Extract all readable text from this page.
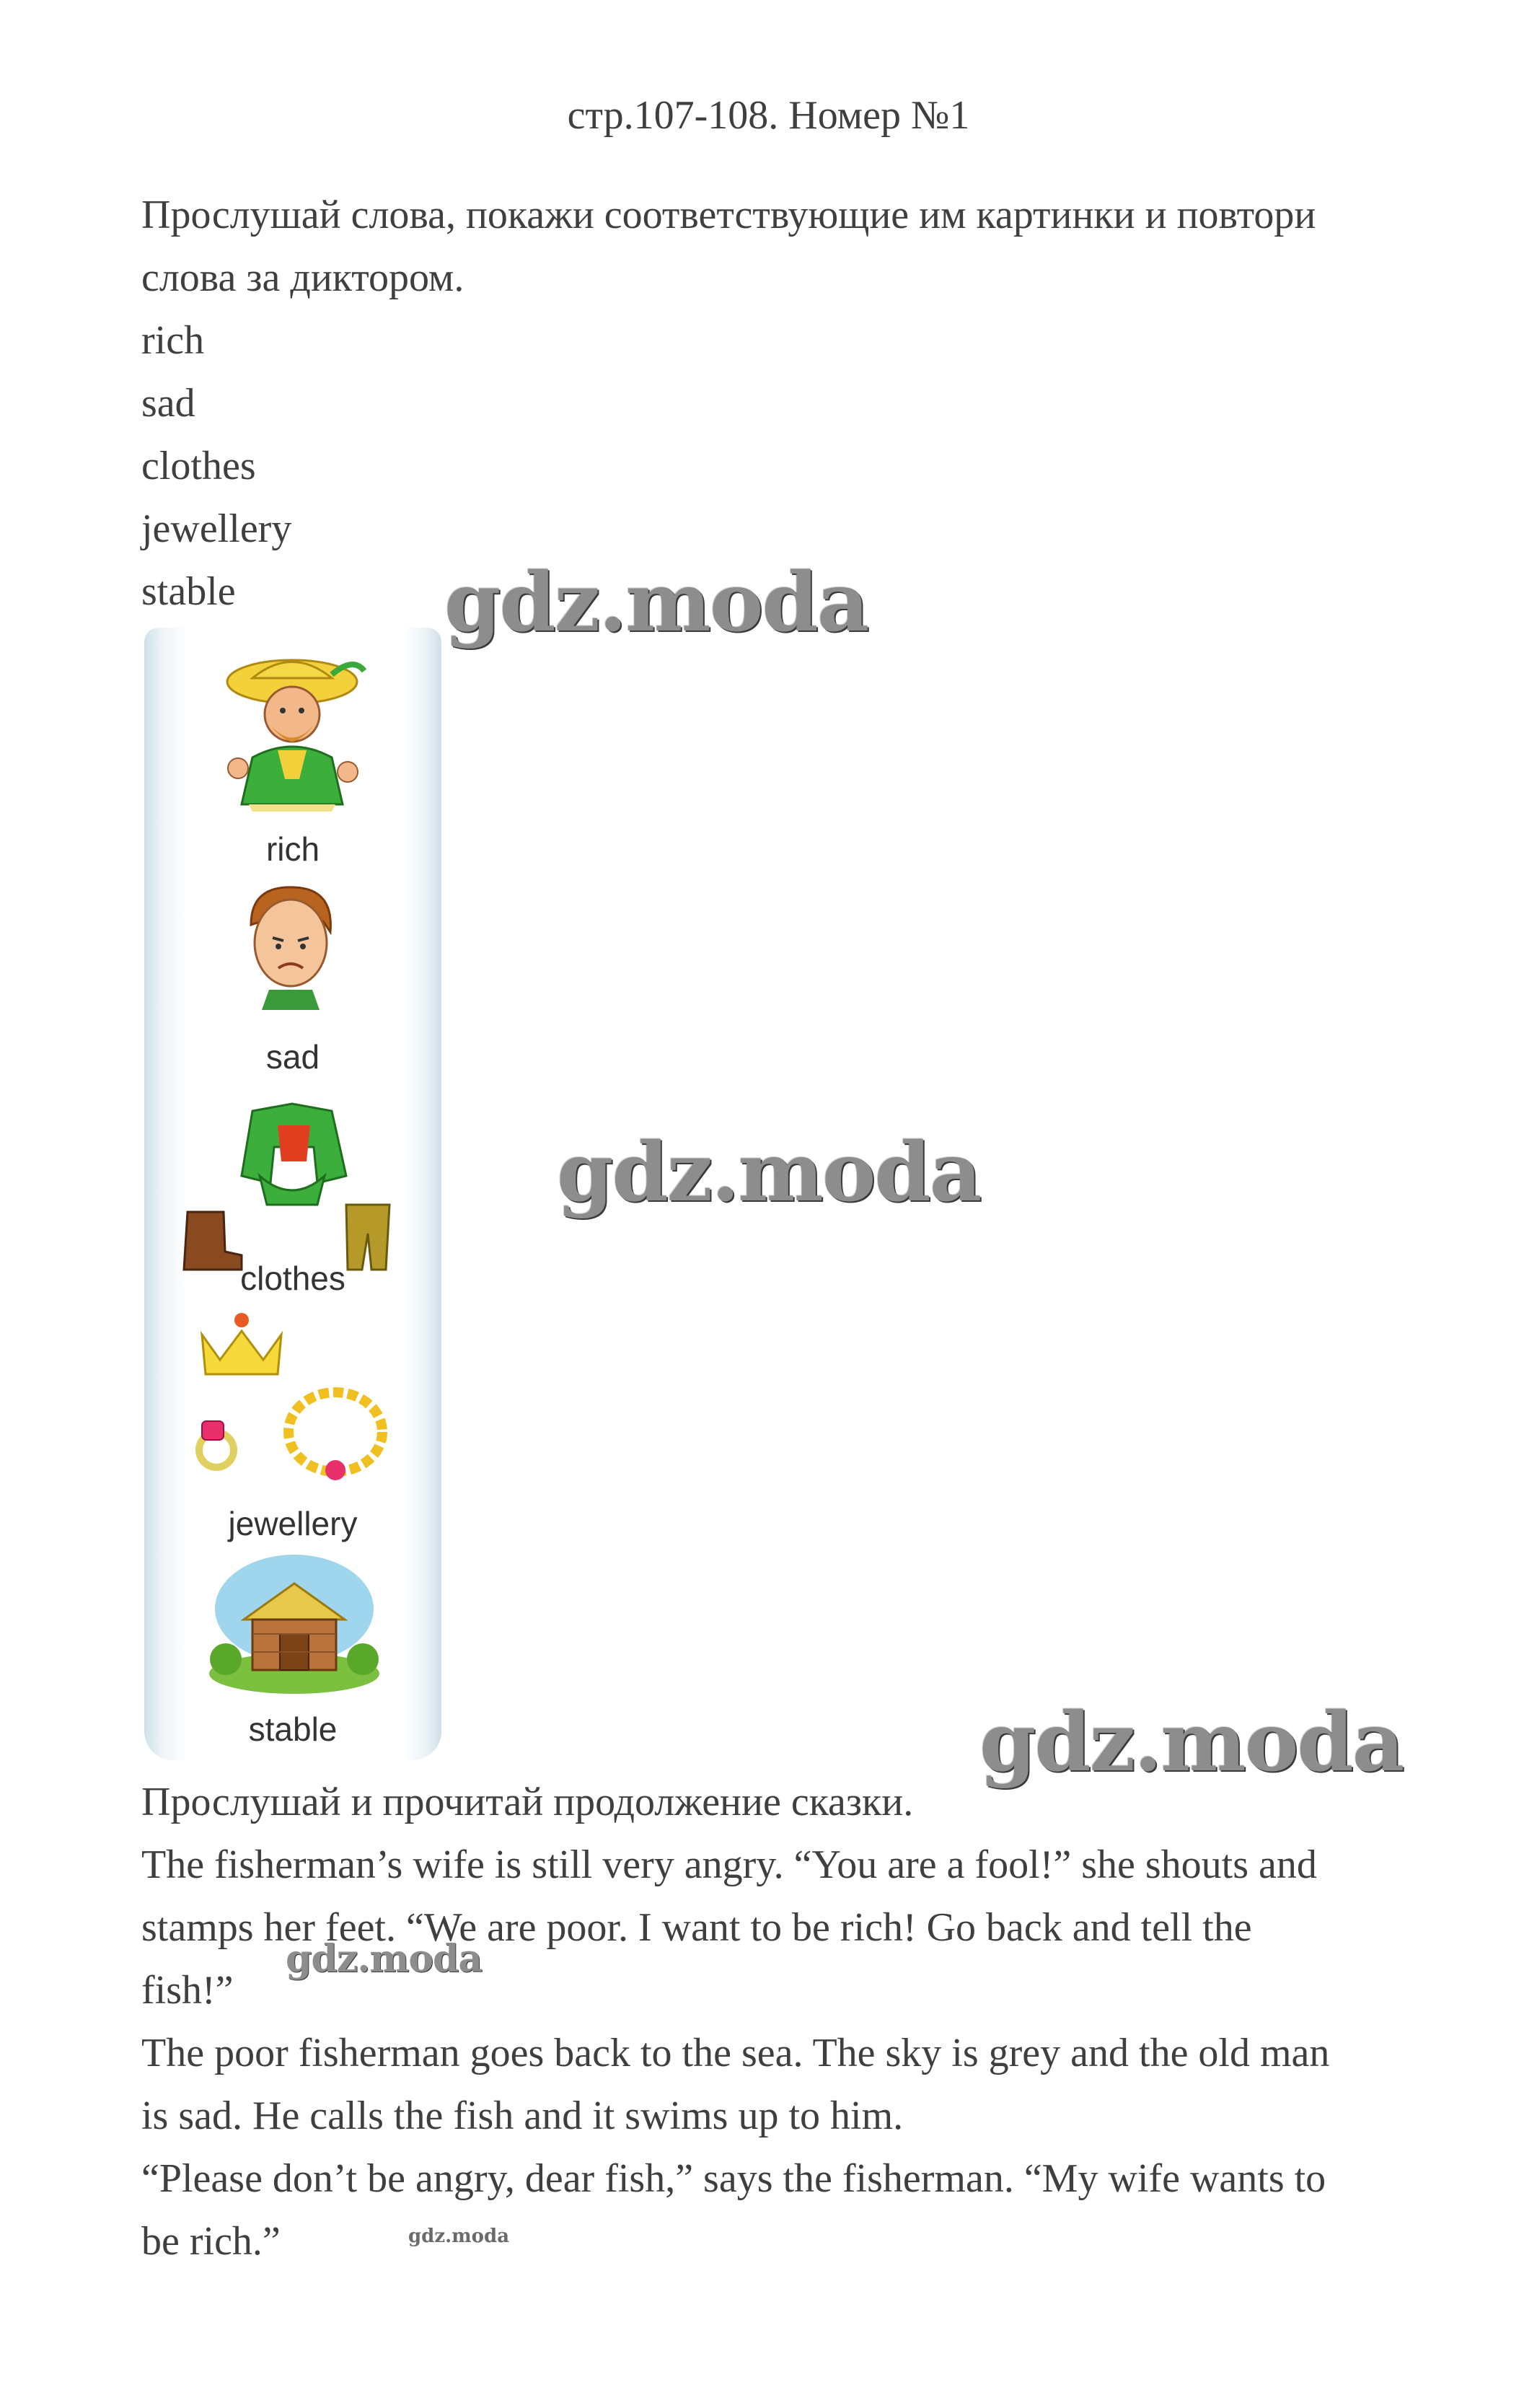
стр.107-108. Номер №1
Прослушай слова, покажи соответствующие им картинки и повтори
слова за диктором.
rich
sad
clothes
jewellery
stable
rich
sad
clothes
jewellery
stable
Прослушай и прочитай продолжение сказки.
The fisherman’s wife is still very angry. “You are a fool!” she shouts and
stamps her feet. “We are poor. I want to be rich! Go back and tell the
fish!”
The poor fisherman goes back to the sea. The sky is grey and the old man
is sad. He calls the fish and it swims up to him.
“Please don’t be angry, dear fish,” says the fisherman. “My wife wants to
be rich.”
gdz.moda
gdz.moda
gdz.moda
gdz.moda
gdz.moda
